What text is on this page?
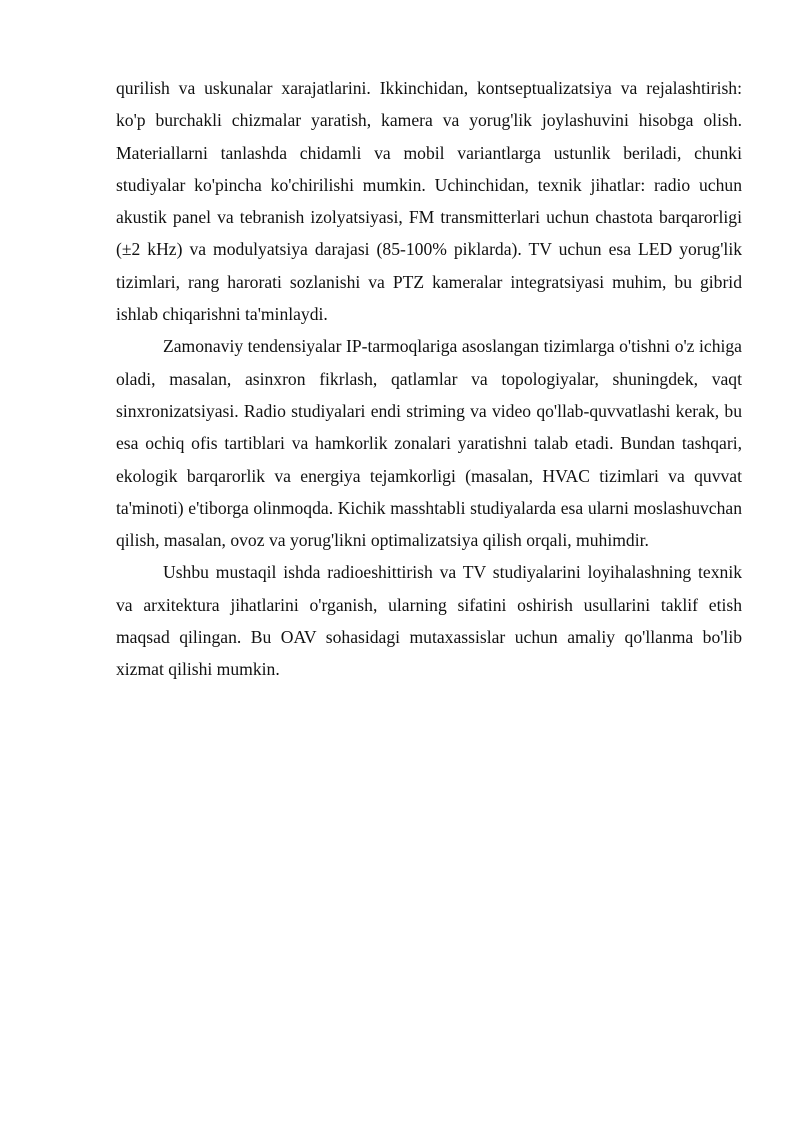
qurilish va uskunalar xarajatlarini. Ikkinchidan, kontseptualizatsiya va rejalashtirish: ko'p burchakli chizmalar yaratish, kamera va yorug'lik joylashuvini hisobga olish. Materiallarni tanlashda chidamli va mobil variantlarga ustunlik beriladi, chunki studiyalar ko'pincha ko'chirilishi mumkin. Uchinchidan, texnik jihatlar: radio uchun akustik panel va tebranish izolyatsiyasi, FM transmitterlari uchun chastota barqarorligi (±2 kHz) va modulyatsiya darajasi (85-100% piklarda). TV uchun esa LED yorug'lik tizimlari, rang harorati sozlanishi va PTZ kameralar integratsiyasi muhim, bu gibrid ishlab chiqarishni ta'minlaydi.

Zamonaviy tendensiyalar IP-tarmoqlariga asoslangan tizimlarga o'tishni o'z ichiga oladi, masalan, asinxron fikrlash, qatlamlar va topologiyalar, shuningdek, vaqt sinxronizatsiyasi. Radio studiyalari endi striming va video qo'llab-quvvatlashi kerak, bu esa ochiq ofis tartiblari va hamkorlik zonalari yaratishni talab etadi. Bundan tashqari, ekologik barqarorlik va energiya tejamkorligi (masalan, HVAC tizimlari va quvvat ta'minoti) e'tiborga olinmoqda. Kichik masshtabli studiyalarda esa ularni moslashuvchan qilish, masalan, ovoz va yorug'likni optimalizatsiya qilish orqali, muhimdir.

Ushbu mustaqil ishda radioeshittirish va TV studiyalarini loyihalashning texnik va arxitektura jihatlarini o'rganish, ularning sifatini oshirish usullarini taklif etish maqsad qilingan. Bu OAV sohasidagi mutaxassislar uchun amaliy qo'llanma bo'lib xizmat qilishi mumkin.
